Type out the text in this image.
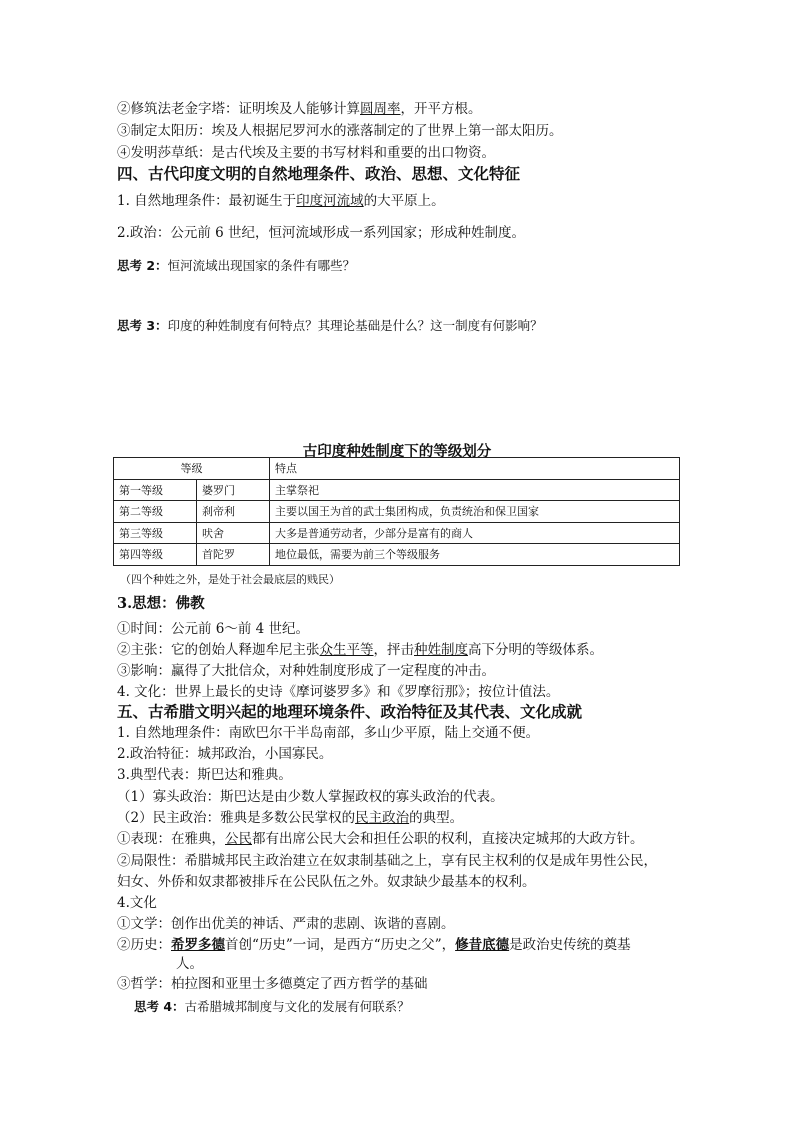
②修筑法老金字塔：证明埃及人能够计算圆周率，开平方根。
③制定太阳历：埃及人根据尼罗河水的涨落制定的了世界上第一部太阳历。
④发明莎草纸：是古代埃及主要的书写材料和重要的出口物资。
四、古代印度文明的自然地理条件、政治、思想、文化特征
1. 自然地理条件：最初诞生于印度河流域的大平原上。
2.政治：公元前 6 世纪，恒河流域形成一系列国家；形成种姓制度。
思考 2：恒河流域出现国家的条件有哪些？
思考 3：印度的种姓制度有何特点？其理论基础是什么？这一制度有何影响？
古印度种姓制度下的等级划分
等级		特点
第一等级	婆罗门	主掌祭祀
第二等级	刹帝利	主要以国王为首的武士集团构成，负责统治和保卫国家
第三等级	吠舍	大多是普通劳动者，少部分是富有的商人
第四等级	首陀罗	地位最低，需要为前三个等级服务
（四个种姓之外，是处于社会最底层的贱民）
3.思想：佛教
①时间：公元前 6～前 4 世纪。
②主张：它的创始人释迦牟尼主张众生平等，抨击种姓制度高下分明的等级体系。
③影响：赢得了大批信众，对种姓制度形成了一定程度的冲击。
4. 文化：世界上最长的史诗《摩诃婆罗多》和《罗摩衍那》；按位计值法。
五、古希腊文明兴起的地理环境条件、政治特征及其代表、文化成就
1. 自然地理条件：南欧巴尔干半岛南部，多山少平原，陆上交通不便。
2.政治特征：城邦政治，小国寡民。
3.典型代表：斯巴达和雅典。
（1）寡头政治：斯巴达是由少数人掌握政权的寡头政治的代表。
（2）民主政治：雅典是多数公民掌权的民主政治的典型。
①表现：在雅典，公民都有出席公民大会和担任公职的权利，直接决定城邦的大政方针。
②局限性：希腊城邦民主政治建立在奴隶制基础之上，享有民主权利的仅是成年男性公民，
妇女、外侨和奴隶都被排斥在公民队伍之外。奴隶缺少最基本的权利。
4.文化
①文学：创作出优美的神话、严肃的悲剧、诙谐的喜剧。
②历史：希罗多德首创“历史”一词，是西方“历史之父”，修昔底德是政治史传统的奠基
人。
③哲学：柏拉图和亚里士多德奠定了西方哲学的基础
思考 4：古希腊城邦制度与文化的发展有何联系？
